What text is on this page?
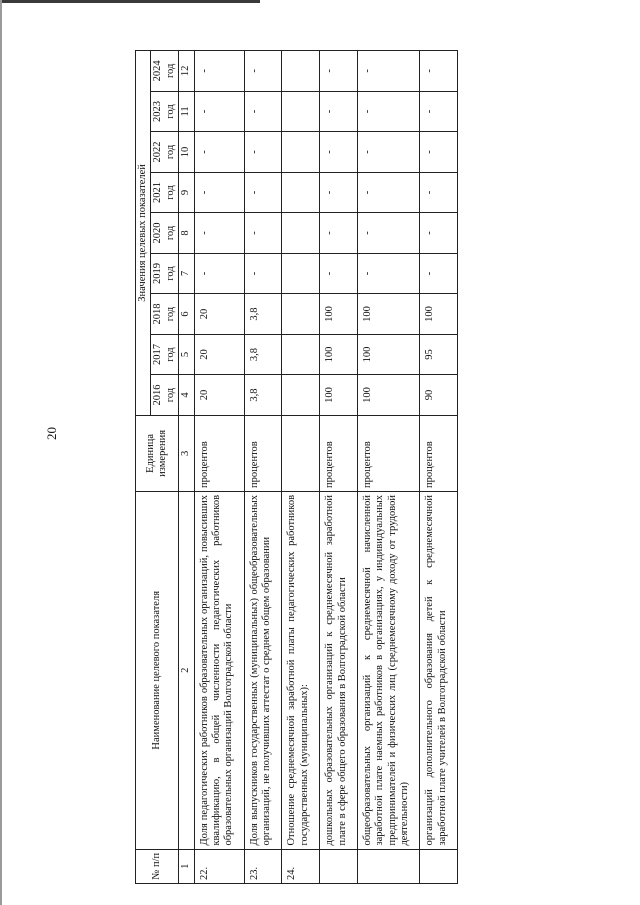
20
№ п/п	Наименование целевого показателя	Единица измерения	Значения целевых показателей								
			2016 год	2017 год	2018 год	2019 год	2020 год	2021 год	2022 год	2023 год	2024 год
1	2	3	4	5	6	7	8	9	10	11	12
22.	Доля педагогических работников образовательных организаций, повысивших квалификацию, в общей численности педагогических работников образовательных организаций Волгоградской области	процентов	20	20	20	-	-	-	-	-	-
23.	Доля выпускников государственных (муниципальных) общеобразовательных организаций, не получивших аттестат о среднем общем образовании	процентов	3,8	3,8	3,8	-	-	-	-	-	-
24.	Отношение среднемесячной заработной платы педагогических работников государственных (муниципальных):										
	дошкольных образовательных организаций к среднемесячной заработной плате в сфере общего образования в Волгоградской области	процентов	100	100	100	-	-	-	-	-	-
	общеобразовательных организаций к среднемесячной начисленной заработной плате наемных работников в организациях, у индивидуальных предпринимателей и физических лиц (среднемесячному доходу от трудовой деятельности)	процентов	100	100	100	-	-	-	-	-	-
	организаций дополнительного образования детей к среднемесячной заработной плате учителей в Волгоградской области	процентов	90	95	100	-	-	-	-	-	-
